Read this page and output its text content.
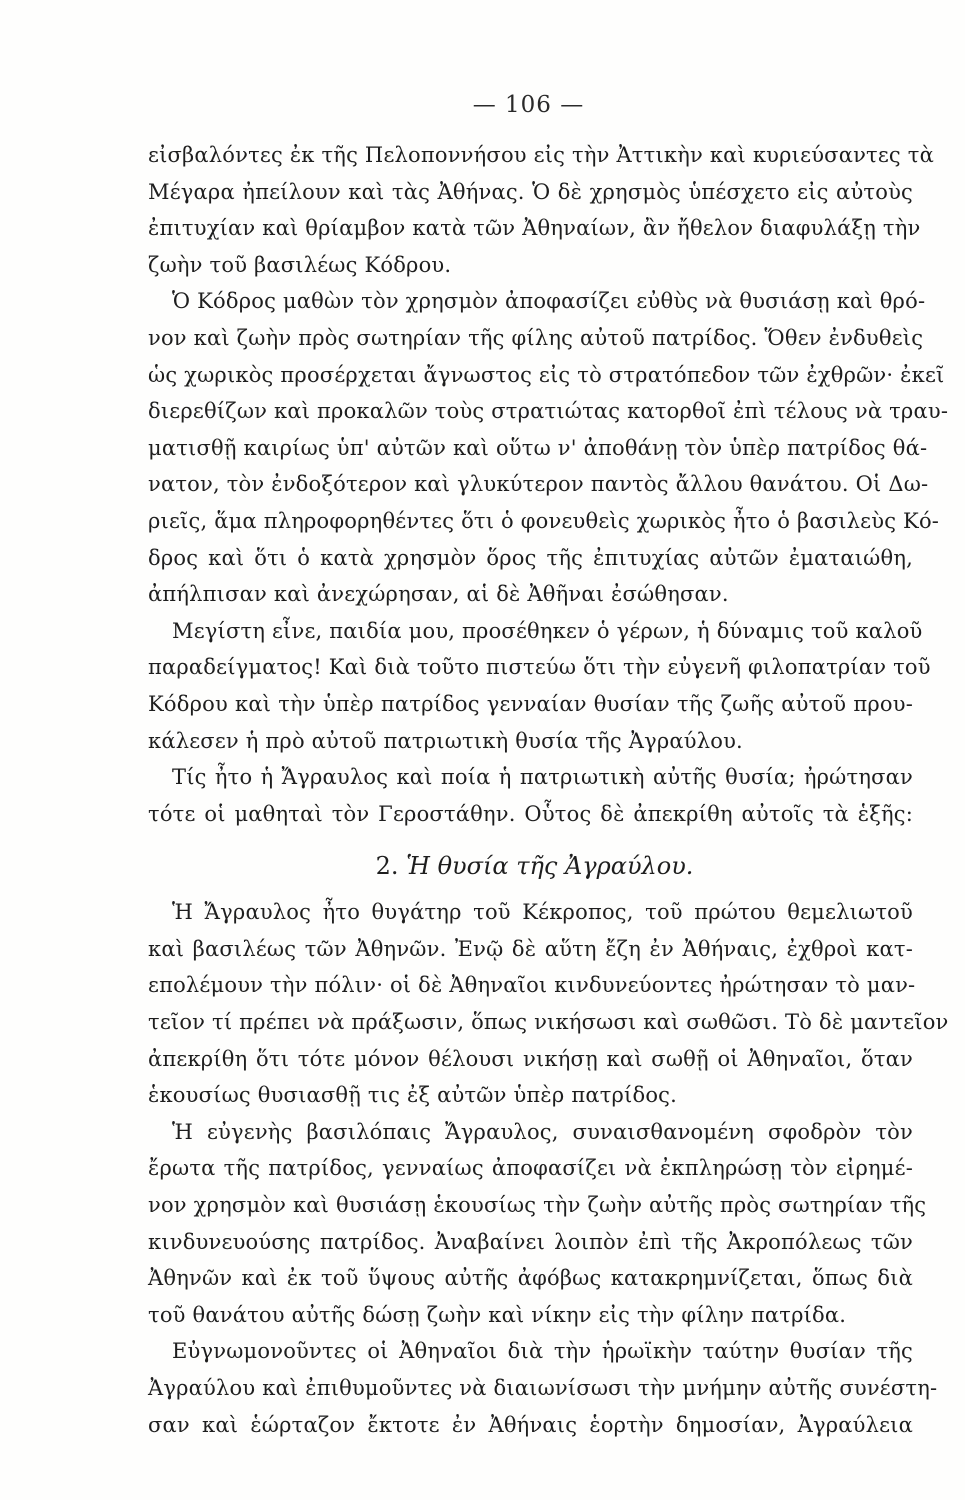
— 106 —
εἰσβαλόντες ἐκ τῆς Πελοποννήσου εἰς τὴν Ἀττικὴν καὶ κυριεύσαντες τὰ
Μέγαρα ἠπείλουν καὶ τὰς Ἀθήνας. Ὁ δὲ χρησμὸς ὑπέσχετο εἰς αὐτοὺς
ἐπιτυχίαν καὶ θρίαμβον κατὰ τῶν Ἀθηναίων, ἂν ἤθελον διαφυλάξῃ τὴν
ζωὴν τοῦ βασιλέως Κόδρου.
Ὁ Κόδρος μαθὼν τὸν χρησμὸν ἀποφασίζει εὐθὺς νὰ θυσιάσῃ καὶ θρό-
νον καὶ ζωὴν πρὸς σωτηρίαν τῆς φίλης αὐτοῦ πατρίδος. Ὅθεν ἐνδυθεὶς
ὡς χωρικὸς προσέρχεται ἄγνωστος εἰς τὸ στρατόπεδον τῶν ἐχθρῶν· ἐκεῖ
διερεθίζων καὶ προκαλῶν τοὺς στρατιώτας κατορθοῖ ἐπὶ τέλους νὰ τραυ-
ματισθῇ καιρίως ὑπ' αὐτῶν καὶ οὕτω ν' ἀποθάνῃ τὸν ὑπὲρ πατρίδος θά-
νατον, τὸν ἐνδοξότερον καὶ γλυκύτερον παντὸς ἄλλου θανάτου. Οἱ Δω-
ριεῖς, ἅμα πληροφορηθέντες ὅτι ὁ φονευθεὶς χωρικὸς ἦτο ὁ βασιλεὺς Κό-
δρος καὶ ὅτι ὁ κατὰ χρησμὸν ὅρος τῆς ἐπιτυχίας αὐτῶν ἐματαιώθη,
ἀπήλπισαν καὶ ἀνεχώρησαν, αἱ δὲ Ἀθῆναι ἐσώθησαν.
Μεγίστη εἶνε, παιδία μου, προσέθηκεν ὁ γέρων, ἡ δύναμις τοῦ καλοῦ
παραδείγματος! Καὶ διὰ τοῦτο πιστεύω ὅτι τὴν εὐγενῆ φιλοπατρίαν τοῦ
Κόδρου καὶ τὴν ὑπὲρ πατρίδος γενναίαν θυσίαν τῆς ζωῆς αὐτοῦ πρου-
κάλεσεν ἡ πρὸ αὐτοῦ πατριωτικὴ θυσία τῆς Ἀγραύλου.
Τίς ἦτο ἡ Ἄγραυλος καὶ ποία ἡ πατριωτικὴ αὐτῆς θυσία; ἠρώτησαν
τότε οἱ μαθηταὶ τὸν Γεροστάθην. Οὗτος δὲ ἀπεκρίθη αὐτοῖς τὰ ἑξῆς:
2. Ἡ θυσία τῆς Ἀγραύλου.
Ἡ Ἄγραυλος ἦτο θυγάτηρ τοῦ Κέκροπος, τοῦ πρώτου θεμελιωτοῦ
καὶ βασιλέως τῶν Ἀθηνῶν. Ἐνῷ δὲ αὕτη ἔζη ἐν Ἀθήναις, ἐχθροὶ κατ-
επολέμουν τὴν πόλιν· οἱ δὲ Ἀθηναῖοι κινδυνεύοντες ἠρώτησαν τὸ μαν-
τεῖον τί πρέπει νὰ πράξωσιν, ὅπως νικήσωσι καὶ σωθῶσι. Τὸ δὲ μαντεῖον
ἀπεκρίθη ὅτι τότε μόνον θέλουσι νικήσῃ καὶ σωθῇ οἱ Ἀθηναῖοι, ὅταν
ἑκουσίως θυσιασθῇ τις ἐξ αὐτῶν ὑπὲρ πατρίδος.
Ἡ εὐγενὴς βασιλόπαις Ἄγραυλος, συναισθανομένη σφοδρὸν τὸν
ἔρωτα τῆς πατρίδος, γενναίως ἀποφασίζει νὰ ἐκπληρώσῃ τὸν εἰρημέ-
νον χρησμὸν καὶ θυσιάσῃ ἑκουσίως τὴν ζωὴν αὐτῆς πρὸς σωτηρίαν τῆς
κινδυνευούσης πατρίδος. Ἀναβαίνει λοιπὸν ἐπὶ τῆς Ἀκροπόλεως τῶν
Ἀθηνῶν καὶ ἐκ τοῦ ὕψους αὐτῆς ἀφόβως κατακρημνίζεται, ὅπως διὰ
τοῦ θανάτου αὐτῆς δώσῃ ζωὴν καὶ νίκην εἰς τὴν φίλην πατρίδα.
Εὐγνωμονοῦντες οἱ Ἀθηναῖοι διὰ τὴν ἡρωϊκὴν ταύτην θυσίαν τῆς
Ἀγραύλου καὶ ἐπιθυμοῦντες νὰ διαιωνίσωσι τὴν μνήμην αὐτῆς συνέστη-
σαν καὶ ἑώρταζον ἔκτοτε ἐν Ἀθήναις ἑορτὴν δημοσίαν, Ἀγραύλεια
